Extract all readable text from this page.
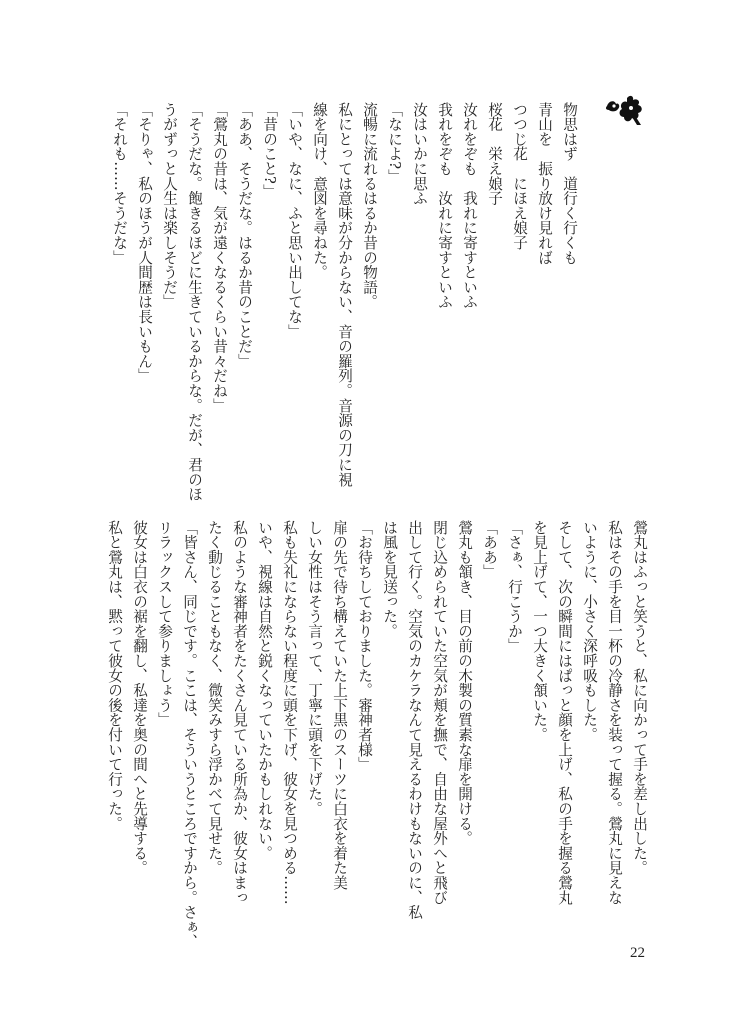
物思はず　道行く行くも

青山を　振り放け見れば

つつじ花　にほえ娘子

桜花　栄え娘子

汝れをぞも　我れに寄すといふ

我れをぞも　汝れに寄すといふ

汝はいかに思ふ

「なによ?」

流暢に流れるはるか昔の物語。

私にとっては意味が分からない、音の羅列。音源の刀に視

線を向け、意図を尋ねた。

「いや、なに、ふと思い出してな」

「昔のこと?」

「ああ、そうだな。はるか昔のことだ」

「鶯丸の昔は、気が遠くなるくらい昔々だね」

「そうだな。飽きるほどに生きているからな。だが、君のほ

うがずっと人生は楽しそうだ」

「そりゃ、私のほうが人間歴は長いもん」

「それも……そうだな」

鶯丸はふっと笑うと、私に向かって手を差し出した。

私はその手を目一杯の冷静さを装って握る。鶯丸に見えな

いように、小さく深呼吸もした。

そして、次の瞬間にはぱっと顔を上げ、私の手を握る鶯丸

を見上げて、一つ大きく頷いた。

「さぁ、行こうか」

「ああ」

鶯丸も頷き、目の前の木製の質素な扉を開ける。

閉じ込められていた空気が頬を撫で、自由な屋外へと飛び

出して行く。空気のカケラなんて見えるわけもないのに、私

は風を見送った。

「お待ちしておりました。審神者様」

扉の先で待ち構えていた上下黒のスーツに白衣を着た美

しい女性はそう言って、丁寧に頭を下げた。

私も失礼にならない程度に頭を下げ、彼女を見つめる……

いや、視線は自然と鋭くなっていたかもしれない。

私のような審神者をたくさん見ている所為か、彼女はまっ

たく動じることもなく、微笑みすら浮かべて見せた。

「皆さん、同じです。ここは、そういうところですから。さぁ、

リラックスして参りましょう」

彼女は白衣の裾を翻し、私達を奥の間へと先導する。

私と鶯丸は、黙って彼女の後を付いて行った。

22
